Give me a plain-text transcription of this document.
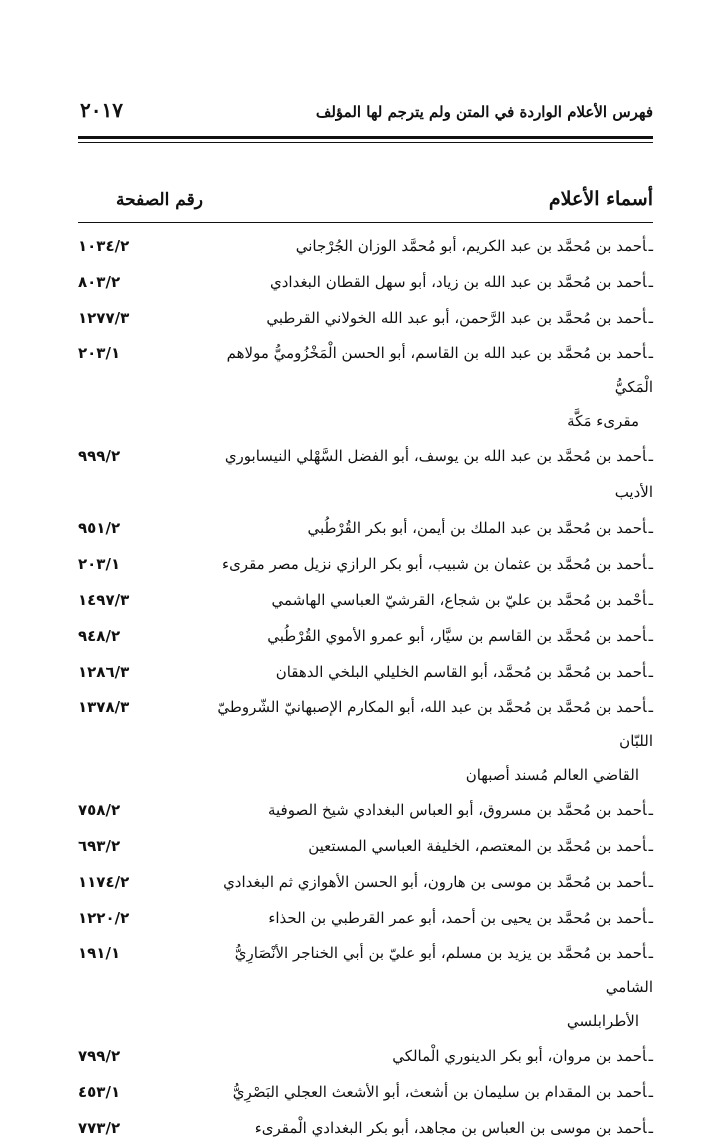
فهرس الأعلام الواردة في المتن ولم يترجم لها المؤلف
٢٠١٧
أسماء الأعلام
رقم الصفحة
ـأحمد بن مُحمَّد بن عبد الكريم، أبو مُحمَّد الوزان الجُرْجاني
١٠٣٤/٢
ـأحمد بن مُحمَّد بن عبد الله بن زياد، أبو سهل القطان البغدادي
٨٠٣/٢
ـأحمد بن مُحمَّد بن عبد الرَّحمن، أبو عبد الله الخولاني القرطبي
١٢٧٧/٣
ـأحمد بن مُحمَّد بن عبد الله بن القاسم، أبو الحسن الْمَخْزُوميُّ مولاهم الْمَكيُّ
مقرىء مَكَّة
٢٠٣/١
ـأحمد بن مُحمَّد بن عبد الله بن يوسف، أبو الفضل السَّهْلي النيسابوري الأديب
٩٩٩/٢
ـأحمد بن مُحمَّد بن عبد الملك بن أيمن، أبو بكر القُرْطُبي
٩٥١/٢
ـأحمد بن مُحمَّد بن عثمان بن شبيب، أبو بكر الرازي نزيل مصر مقرىء
٢٠٣/١
ـأحْمد بن مُحمَّد بن عليّ بن شجاع، القرشيّ العباسي الهاشمي
١٤٩٧/٣
ـأحمد بن مُحمَّد بن القاسم بن سيَّار، أبو عمرو الأموي القُرْطُبي
٩٤٨/٢
ـأحمد بن مُحمَّد بن مُحمَّد، أبو القاسم الخليلي البلخي الدهقان
١٢٨٦/٣
ـأحمد بن مُحمَّد بن مُحمَّد بن عبد الله، أبو المكارم الإصبهانيّ الشّروطيّ اللبّان
القاضي العالم مُسند أصبهان
١٣٧٨/٣
ـأحمد بن مُحمَّد بن مسروق، أبو العباس البغدادي شيخ الصوفية
٧٥٨/٢
ـأحمد بن مُحمَّد بن المعتصم، الخليفة العباسي المستعين
٦٩٣/٢
ـأحمد بن مُحمَّد بن موسى بن هارون، أبو الحسن الأهوازي ثم البغدادي
١١٧٤/٢
ـأحمد بن مُحمَّد بن يحيى بن أحمد، أبو عمر القرطبي بن الحذاء
١٢٢٠/٢
ـأحمد بن مُحمَّد بن يزيد بن مسلم، أبو عليّ بن أبي الخناجر الأنْصَارِيُّ الشامي
الأطرابلسي
١٩١/١
ـأحمد بن مروان، أبو بكر الدينوري الْمالكي
٧٩٩/٢
ـأحمد بن المقدام بن سليمان بن أشعث، أبو الأشعث العجلي البَصْرِيُّ
٤٥٣/١
ـأحمد بن موسى بن العباس بن مجاهد، أبو بكر البغدادي الْمقرىء
٧٧٣/٢
